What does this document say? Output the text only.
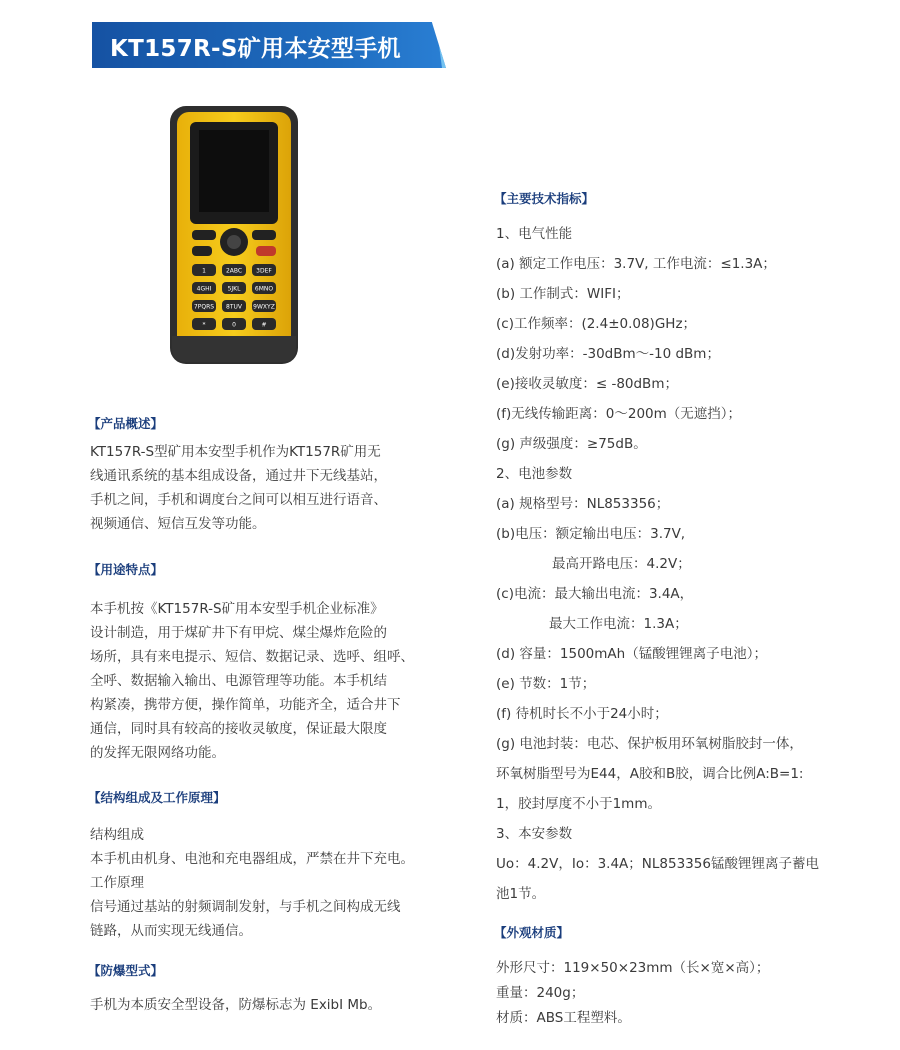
KT157R-S矿用本安型手机
1	2ABC 3DEF
4GHI	5JKL 6MNO
7PQRS 8TUV 9WXYZ
*	0	#
【产品概述】

KT157R-S型矿用本安型手机作为KT157R矿用无

线通讯系统的基本组成设备，通过井下无线基站，

手机之间，手机和调度台之间可以相互进行语音、

视频通信、短信互发等功能。

【用途特点】

本手机按《KT157R-S矿用本安型手机企业标准》

设计制造，用于煤矿井下有甲烷、煤尘爆炸危险的

场所，具有来电提示、短信、数据记录、选呼、组呼、

全呼、数据输入输出、电源管理等功能。本手机结

构紧凑，携带方便，操作简单，功能齐全，适合井下

通信，同时具有较高的接收灵敏度，保证最大限度

的发挥无限网络功能。

【结构组成及工作原理】

结构组成

本手机由机身、电池和充电器组成，严禁在井下充电。

工作原理

信号通过基站的射频调制发射，与手机之间构成无线

链路，从而实现无线通信。

【防爆型式】

手机为本质安全型设备，防爆标志为 ExibI Mb。

【主要技术指标】
1、电气性能
(a) 额定工作电压：3.7V, 工作电流：≤1.3A；
(b) 工作制式：WIFI；
(c)工作频率：(2.4±0.08)GHz；
(d)发射功率：-30dBm～-10 dBm；
(e)接收灵敏度：≤ -80dBm；
(f)无线传输距离：0～200m（无遮挡）；
(g) 声级强度：≥75dB。
2、电池参数
(a) 规格型号：NL853356；
(b)电压：额定输出电压：3.7V,
最高开路电压：4.2V；
(c)电流：最大输出电流：3.4A，
最大工作电流：1.3A；
(d) 容量：1500mAh（锰酸锂锂离子电池）；
(e) 节数：1节；
(f) 待机时长不小于24小时；
(g) 电池封装：电芯、保护板用环氧树脂胶封一体，
环氧树脂型号为E44，A胶和B胶，调合比例A:B=1:
1，胶封厚度不小于1mm。
3、本安参数
Uo：4.2V，Io：3.4A；NL853356锰酸锂锂离子蓄电
池1节。
【外观材质】
外形尺寸：119×50×23mm（长×宽×高）；
重量：240g；
材质：ABS工程塑料。
